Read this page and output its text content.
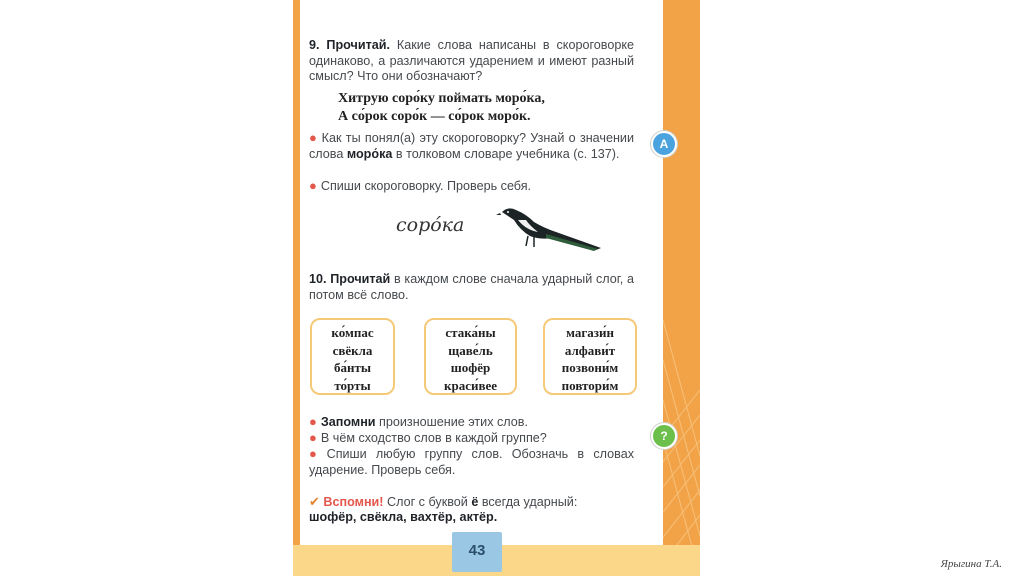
9. Прочитай. Какие слова написаны в скороговорке одинаково, а различаются ударением и имеют разный смысл? Что они обозначают?
Хитрую соро́ку поймать моро́ка,
А со́рок соро́к — со́рок моро́к.
● Как ты понял(а) эту скороговорку? Узнай о значении слова моро́ка в толковом словаре учебника (с. 137).
● Спиши скороговорку. Проверь себя.
соро́ка
10. Прочитай в каждом слове сначала ударный слог, а потом всё слово.
ко́мпас
свёкла
ба́нты
то́рты
стака́ны
щаве́ль
шофёр
краси́вее
магази́н
алфави́т
позвони́м
повтори́м
● Запомни произношение этих слов.
● В чём сходство слов в каждой группе?
● Спиши любую группу слов. Обозначь в словах ударение. Проверь себя.
✔ Вспомни! Слог с буквой ё всегда ударный:
шофёр, свёкла, вахтёр, актёр.
A
?
43
Ярыгина Т.А.
